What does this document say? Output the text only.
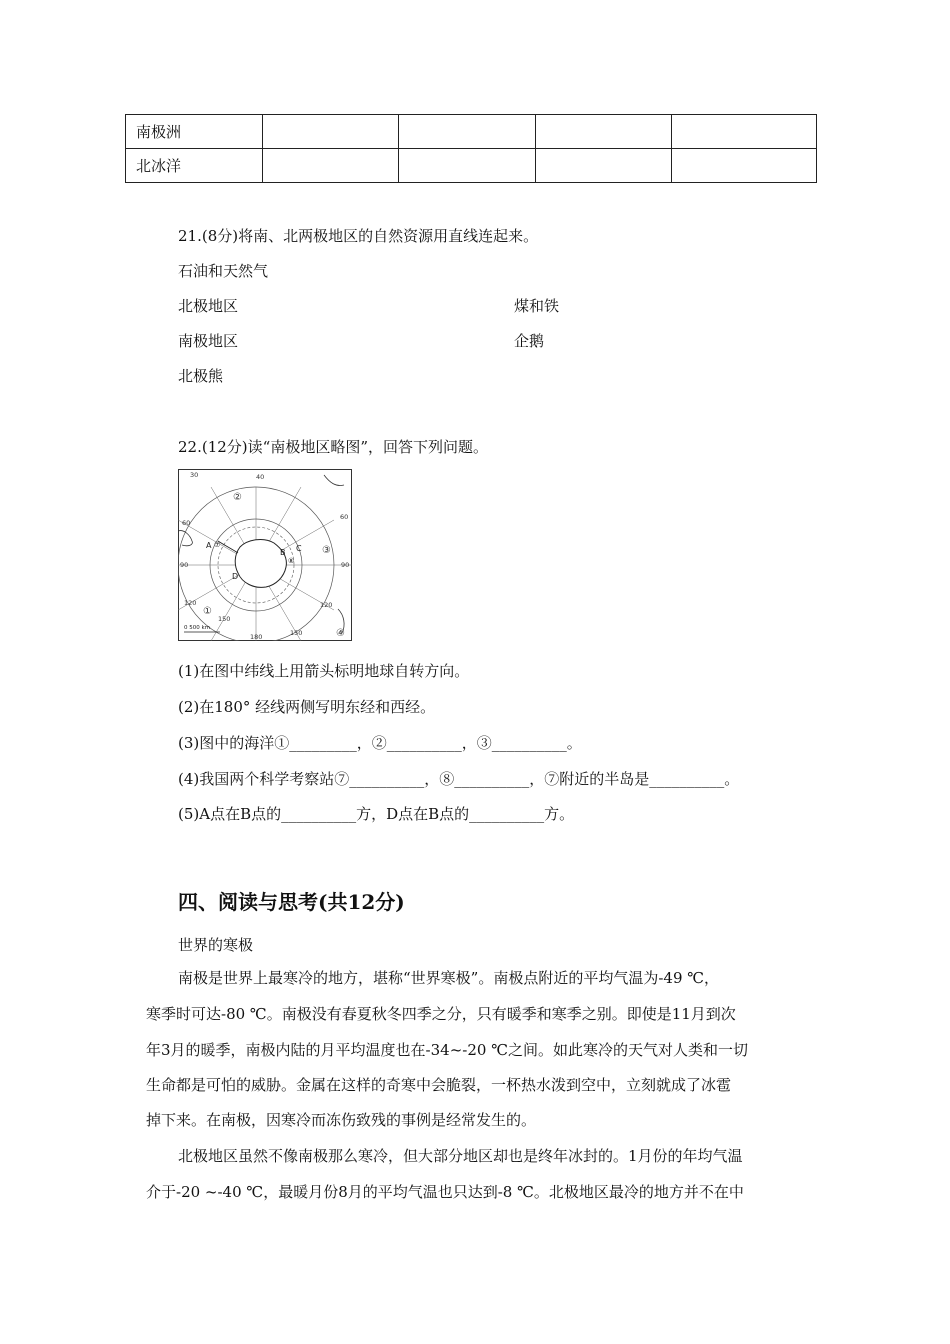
南极洲				
北冰洋				
21.(8分)将南、北两极地区的自然资源用直线连起来。
石油和天然气
北极地区
南极地区
北极熊
煤和铁
企鹅
22.(12分)读“南极地区略图”，回答下列问题。
30	40
60
60
90	90
120	120
150
150
180
①
②
③
④
A
B C
D
⑦
⑧
0 500 km
(1)在图中纬线上用箭头标明地球自转方向。
(2)在180° 经线两侧写明东经和西经。
(3)图中的海洋①_________，②__________，③__________。
(4)我国两个科学考察站⑦__________，⑧__________，⑦附近的半岛是__________。
(5)A点在B点的__________方，D点在B点的__________方。
四、阅读与思考(共12分)
世界的寒极
南极是世界上最寒冷的地方，堪称“世界寒极”。南极点附近的平均气温为-49 ℃，
寒季时可达-80 ℃。南极没有春夏秋冬四季之分，只有暖季和寒季之别。即使是11月到次
年3月的暖季，南极内陆的月平均温度也在-34~-20 ℃之间。如此寒冷的天气对人类和一切
生命都是可怕的威胁。金属在这样的奇寒中会脆裂，一杯热水泼到空中，立刻就成了冰雹
掉下来。在南极，因寒冷而冻伤致残的事例是经常发生的。
北极地区虽然不像南极那么寒冷，但大部分地区却也是终年冰封的。1月份的年均气温
介于-20 ~-40 ℃，最暖月份8月的平均气温也只达到-8 ℃。北极地区最冷的地方并不在中
